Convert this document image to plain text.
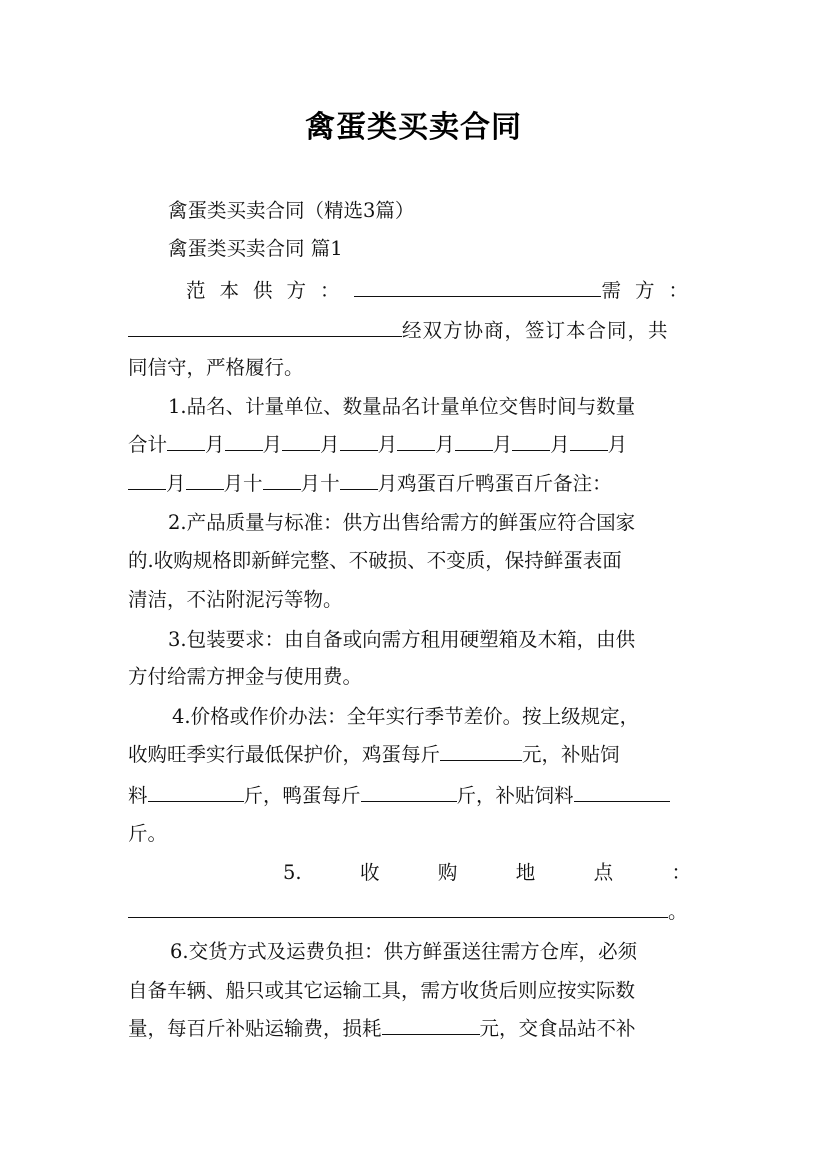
禽蛋类买卖合同
禽蛋类买卖合同（精选3篇）
禽蛋类买卖合同 篇1
范本 供方：	需方：
经双方协商，签订本合同，共
同信守，严格履行。
1.品名、计量单位、数量品名计量单位交售时间与数量
合计 月 月 月 月 月 月 月 月
月 月十 月十 月鸡蛋百斤鸭蛋百斤备注：
2.产品质量与标准：供方出售给需方的鲜蛋应符合国家
的.收购规格即新鲜完整、不破损、不变质，保持鲜蛋表面
清洁，不沾附泥污等物。
3.包装要求：由自备或向需方租用硬塑箱及木箱，由供
方付给需方押金与使用费。
4.价格或作价办法：全年实行季节差价。按上级规定，
收购旺季实行最低保护价，鸡蛋每斤	元，补贴饲
料	斤，鸭蛋每斤	斤，补贴饲料
斤。
5.	收	购	地	点	：
。
6.交货方式及运费负担：供方鲜蛋送往需方仓库，必须
自备车辆、船只或其它运输工具，需方收货后则应按实际数
量，每百斤补贴运输费，损耗	元，交食品站不补
